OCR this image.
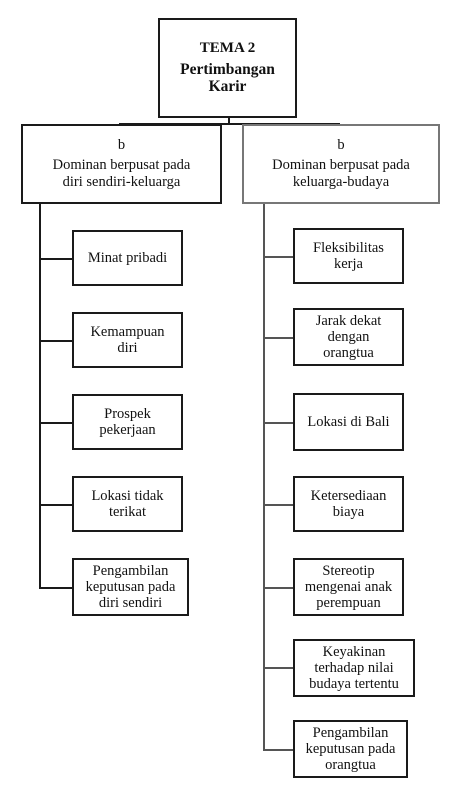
TEMA 2
Pertimbangan
Karir
b
Dominan berpusat pada
diri sendiri-keluarga
b
Dominan berpusat pada
keluarga-budaya
Minat pribadi
Kemampuan
diri
Prospek
pekerjaan
Lokasi tidak
terikat
Pengambilan
keputusan pada
diri sendiri
Fleksibilitas
kerja
Jarak dekat
dengan
orangtua
Lokasi di Bali
Ketersediaan
biaya
Stereotip
mengenai anak
perempuan
Keyakinan
terhadap nilai
budaya tertentu
Pengambilan
keputusan pada
orangtua
